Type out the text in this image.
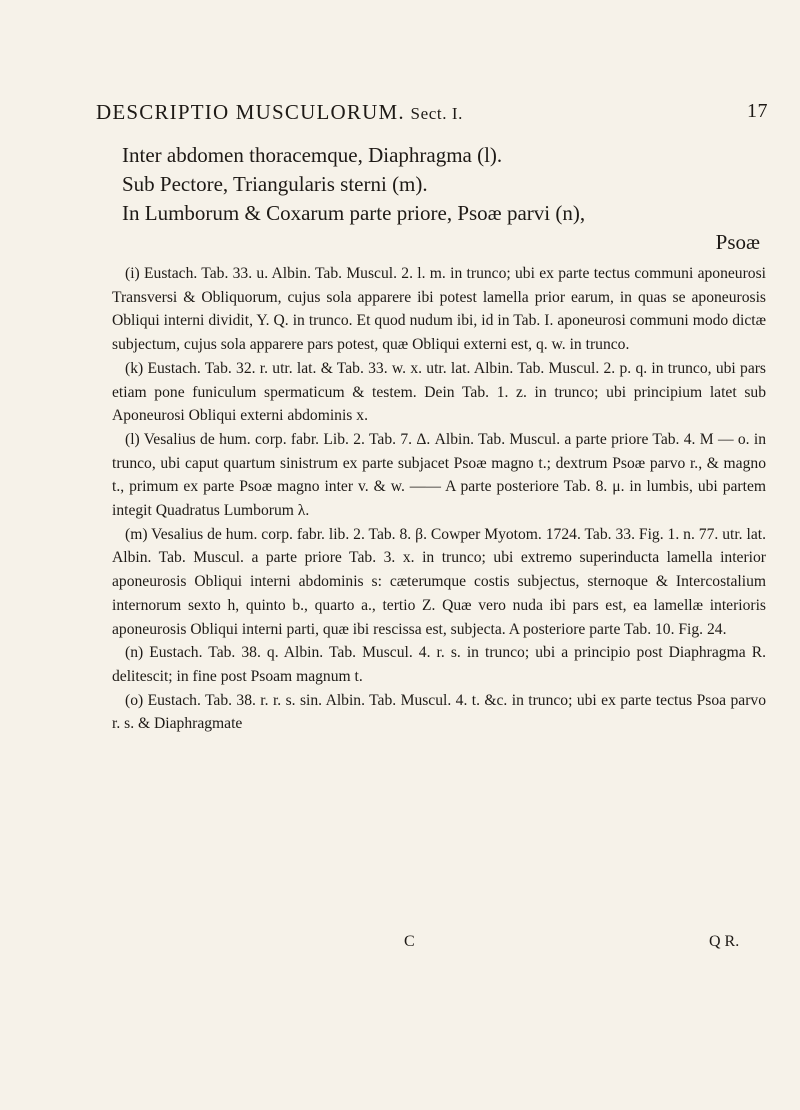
DESCRIPTIO MUSCULORUM. Sect. I.	17

Inter abdomen thoracemque, Diaphragma (l).

Sub Pectore, Triangularis sterni (m).

In Lumborum & Coxarum parte priore, Psoæ parvi (n),

Psoæ

(i) Eustach. Tab. 33. u. Albin. Tab. Muscul. 2. l. m. in trunco; ubi ex parte tectus communi aponeurosi Transversi & Obliquorum, cujus sola apparere ibi potest lamella prior earum, in quas se aponeurosis Obliqui interni dividit, Y. Q. in trunco. Et quod nudum ibi, id in Tab. I. aponeurosi communi modo dictæ subjectum, cujus sola apparere pars potest, quæ Obliqui externi est, q. w. in trunco.

(k) Eustach. Tab. 32. r. utr. lat. & Tab. 33. w. x. utr. lat. Albin. Tab. Muscul. 2. p. q. in trunco, ubi pars etiam pone funiculum spermaticum & testem. Dein Tab. 1. z. in trunco; ubi principium latet sub Aponeurosi Obliqui externi abdominis x.

(l) Vesalius de hum. corp. fabr. Lib. 2. Tab. 7. Δ. Albin. Tab. Muscul. a parte priore Tab. 4. M — o. in trunco, ubi caput quartum sinistrum ex parte subjacet Psoæ magno t.; dextrum Psoæ parvo r., & magno t., primum ex parte Psoæ magno inter v. & w. —— A parte posteriore Tab. 8. μ. in lumbis, ubi partem integit Quadratus Lumborum λ.

(m) Vesalius de hum. corp. fabr. lib. 2. Tab. 8. β. Cowper Myotom. 1724. Tab. 33. Fig. 1. n. 77. utr. lat. Albin. Tab. Muscul. a parte priore Tab. 3. x. in trunco; ubi extremo superinducta lamella interior aponeurosis Obliqui interni abdominis s: cæterumque costis subjectus, sternoque & Intercostalium internorum sexto h, quinto b., quarto a., tertio Z. Quæ vero nuda ibi pars est, ea lamellæ interioris aponeurosis Obliqui interni parti, quæ ibi rescissa est, subjecta. A posteriore parte Tab. 10. Fig. 24.

(n) Eustach. Tab. 38. q. Albin. Tab. Muscul. 4. r. s. in trunco; ubi a principio post Diaphragma R. delitescit; in fine post Psoam magnum t.

(o) Eustach. Tab. 38. r. r. s. sin. Albin. Tab. Muscul. 4. t. &c. in trunco; ubi ex parte tectus Psoa parvo r. s. & Diaphragmate

C	Q R.
